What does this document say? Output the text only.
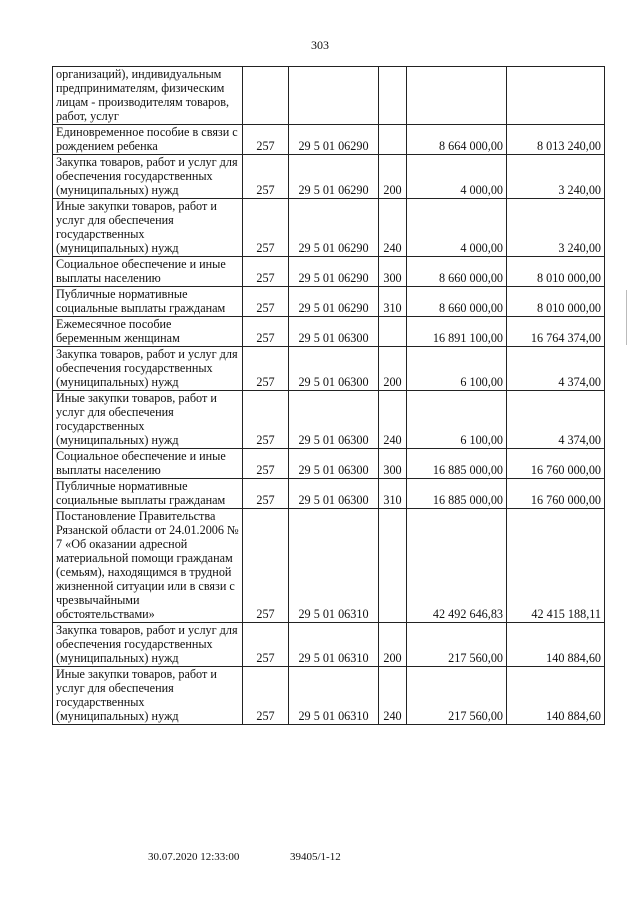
303
организаций), индивидуальным предпринимателям, физическим лицам - производителям товаров, работ, услуг					
Единовременное пособие в связи с рождением ребенка	257	29 5 01 06290		8 664 000,00	8 013 240,00
Закупка товаров, работ и услуг для обеспечения государственных (муниципальных) нужд	257	29 5 01 06290	200	4 000,00	3 240,00
Иные закупки товаров, работ и услуг для обеспечения государственных (муниципальных) нужд	257	29 5 01 06290	240	4 000,00	3 240,00
Социальное обеспечение и иные выплаты населению	257	29 5 01 06290	300	8 660 000,00	8 010 000,00
Публичные нормативные социальные выплаты гражданам	257	29 5 01 06290	310	8 660 000,00	8 010 000,00
Ежемесячное пособие беременным женщинам	257	29 5 01 06300		16 891 100,00	16 764 374,00
Закупка товаров, работ и услуг для обеспечения государственных (муниципальных) нужд	257	29 5 01 06300	200	6 100,00	4 374,00
Иные закупки товаров, работ и услуг для обеспечения государственных (муниципальных) нужд	257	29 5 01 06300	240	6 100,00	4 374,00
Социальное обеспечение и иные выплаты населению	257	29 5 01 06300	300	16 885 000,00	16 760 000,00
Публичные нормативные социальные выплаты гражданам	257	29 5 01 06300	310	16 885 000,00	16 760 000,00
Постановление Правительства Рязанской области от 24.01.2006 № 7 «Об оказании адресной материальной помощи гражданам (семьям), находящимся в трудной жизненной ситуации или в связи с чрезвычайными обстоятельствами»	257	29 5 01 06310		42 492 646,83	42 415 188,11
Закупка товаров, работ и услуг для обеспечения государственных (муниципальных) нужд	257	29 5 01 06310	200	217 560,00	140 884,60
Иные закупки товаров, работ и услуг для обеспечения государственных (муниципальных) нужд	257	29 5 01 06310	240	217 560,00	140 884,60
30.07.2020 12:33:00	39405/1-12
